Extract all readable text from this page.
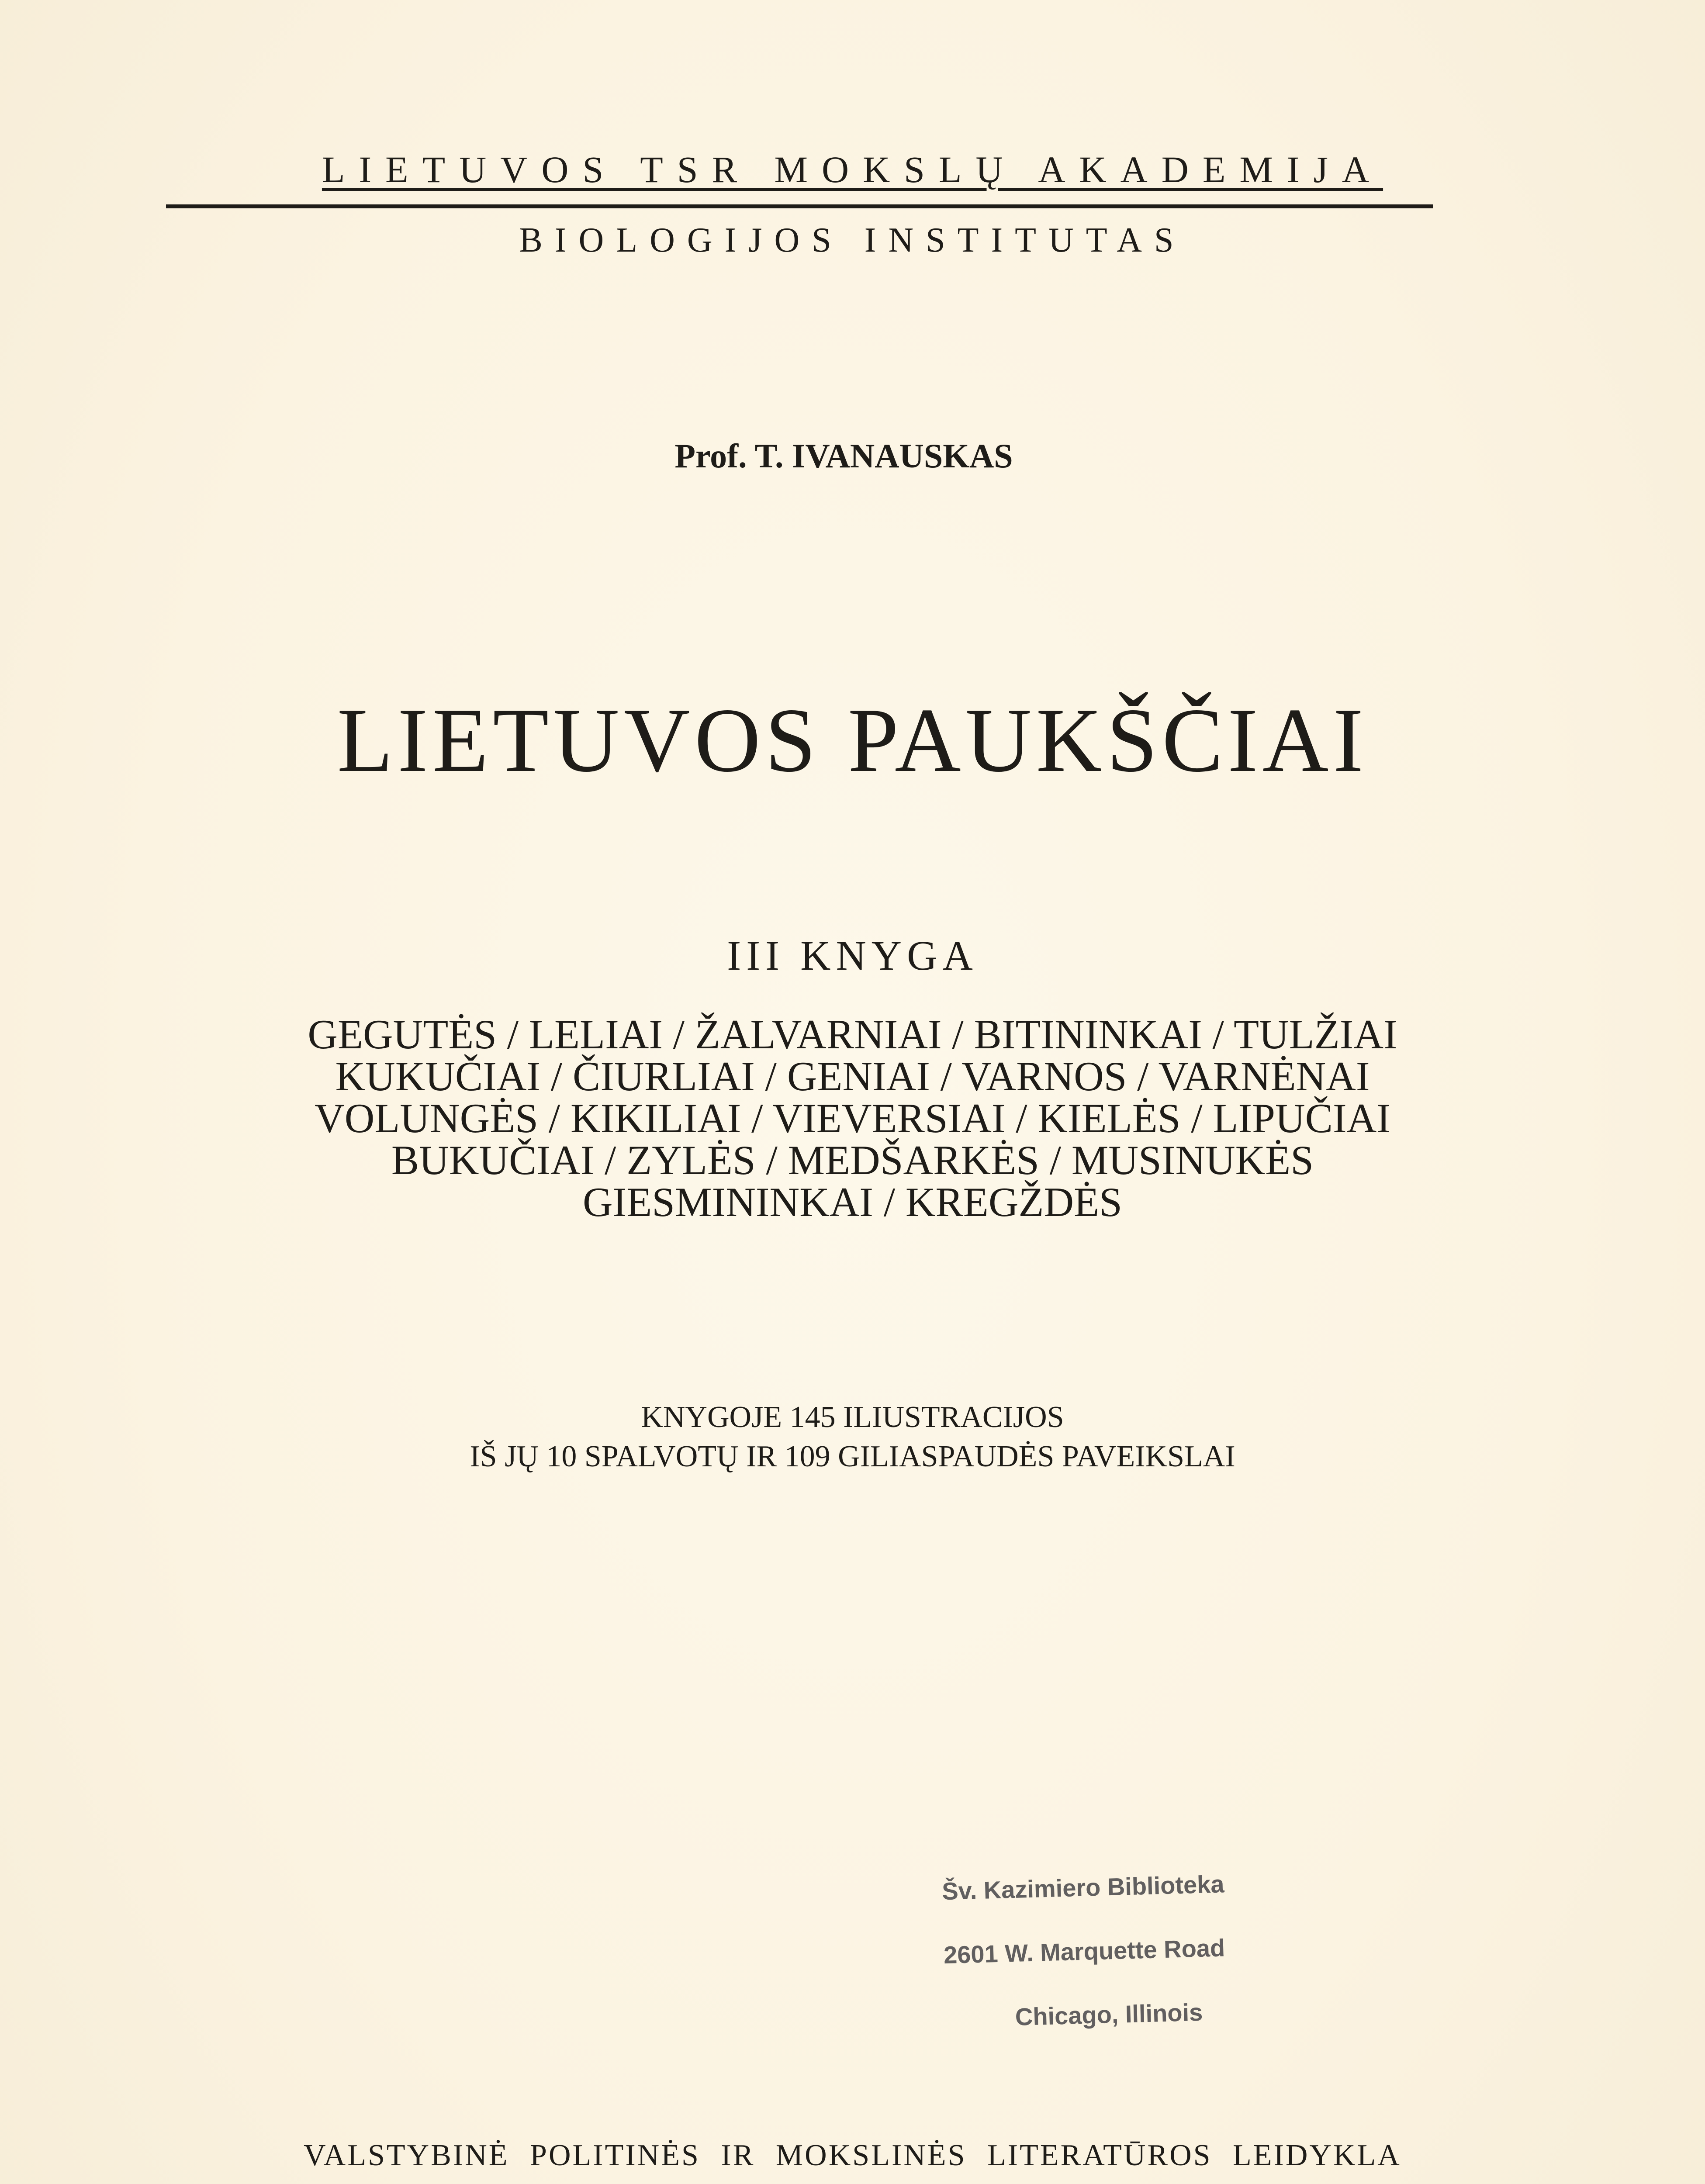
LIETUVOS TSR MOKSLŲ AKADEMIJA
BIOLOGIJOS INSTITUTAS
Prof. T. IVANAUSKAS
LIETUVOS PAUKŠČIAI
III KNYGA
GEGUTĖS / LELIAI / ŽALVARNIAI / BITININKAI / TULŽIAI
KUKUČIAI / ČIURLIAI / GENIAI / VARNOS / VARNĖNAI
VOLUNGĖS / KIKILIAI / VIEVERSIAI / KIELĖS / LIPUČIAI
BUKUČIAI / ZYLĖS / MEDŠARKĖS / MUSINUKĖS
GIESMININKAI / KREGŽDĖS
KNYGOJE 145 ILIUSTRACIJOS
IŠ JŲ 10 SPALVOTŲ IR 109 GILIASPAUDĖS PAVEIKSLAI
Šv. Kazimiero Biblioteka
2601 W. Marquette Road
Chicago, Illinois
VALSTYBINĖ POLITINĖS IR MOKSLINĖS LITERATŪROS LEIDYKLA
